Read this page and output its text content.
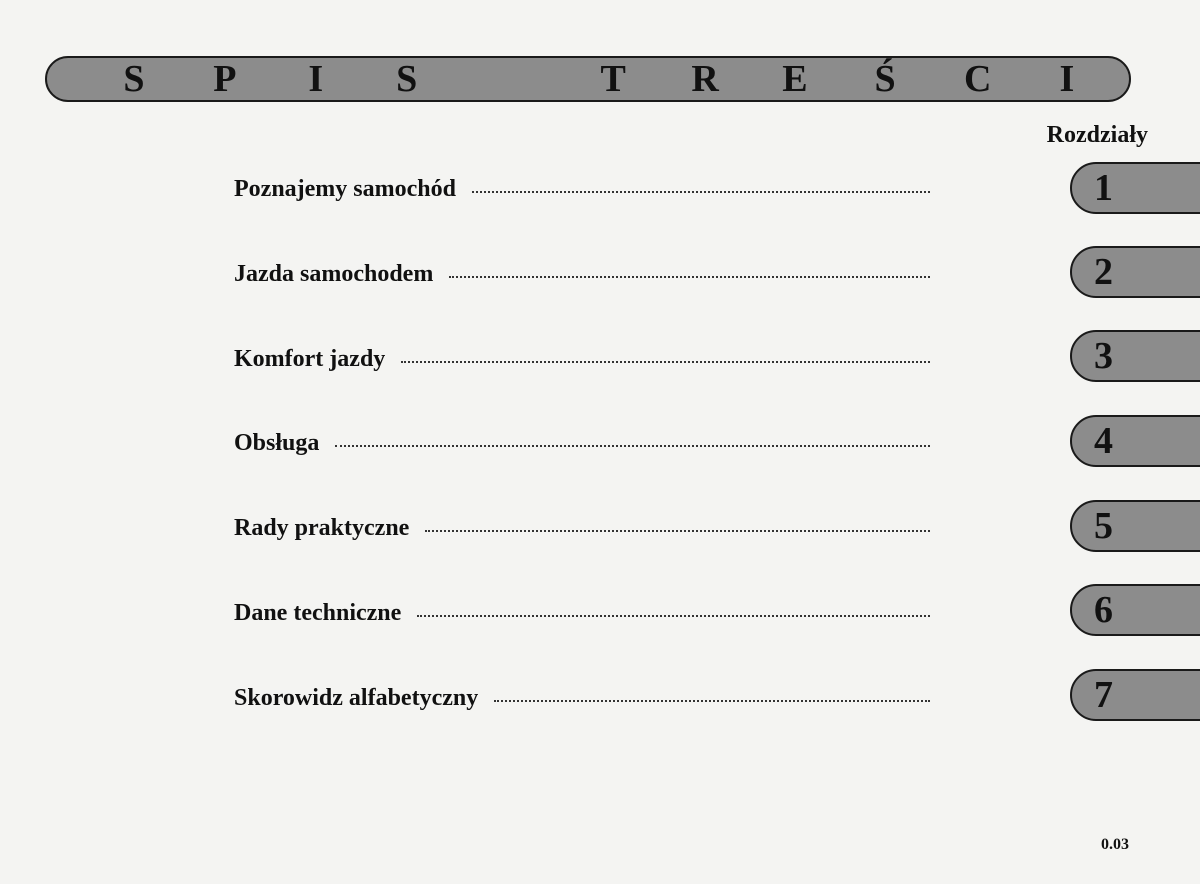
S P I S	T R E Ś C I
Rozdziały
Poznajemy samochód	1
Jazda samochodem	2
Komfort jazdy	3
Obsługa	4
Rady praktyczne	5
Dane techniczne	6
Skorowidz alfabetyczny	7
0.03
